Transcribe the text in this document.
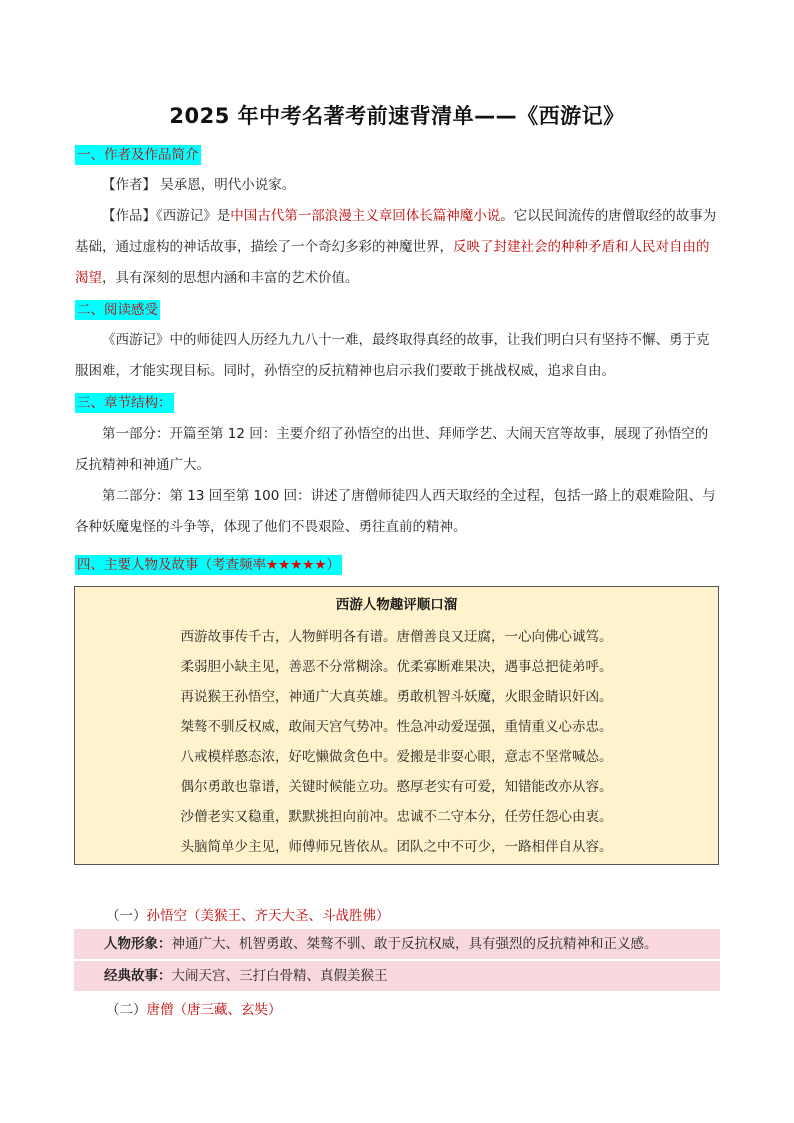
2025 年中考名著考前速背清单——《西游记》
一、作者及作品简介
【作者】 吴承恩，明代小说家。
【作品】《西游记》是中国古代第一部浪漫主义章回体长篇神魔小说。它以民间流传的唐僧取经的故事为基础，通过虚构的神话故事，描绘了一个奇幻多彩的神魔世界，反映了封建社会的种种矛盾和人民对自由的渴望，具有深刻的思想内涵和丰富的艺术价值。
二、阅读感受
《西游记》中的师徒四人历经九九八十一难，最终取得真经的故事，让我们明白只有坚持不懈、勇于克服困难，才能实现目标。同时，孙悟空的反抗精神也启示我们要敢于挑战权威，追求自由。
三、章节结构：
第一部分：开篇至第 12 回：主要介绍了孙悟空的出世、拜师学艺、大闹天宫等故事，展现了孙悟空的反抗精神和神通广大。
第二部分：第 13 回至第 100 回：讲述了唐僧师徒四人西天取经的全过程，包括一路上的艰难险阻、与各种妖魔鬼怪的斗争等，体现了他们不畏艰险、勇往直前的精神。
四、主要人物及故事（考查频率★★★★★）
西游人物趣评顺口溜
西游故事传千古，人物鲜明各有谱。唐僧善良又迂腐，一心向佛心诚笃。
柔弱胆小缺主见，善恶不分常糊涂。优柔寡断难果决，遇事总把徒弟呼。
再说猴王孙悟空，神通广大真英雄。勇敢机智斗妖魔，火眼金睛识奸凶。
桀骜不驯反权威，敢闹天宫气势冲。性急冲动爱逞强，重情重义心赤忠。
八戒模样憨态浓，好吃懒做贪色中。爱搬是非耍心眼，意志不坚常喊怂。
偶尔勇敢也靠谱，关键时候能立功。憨厚老实有可爱，知错能改亦从容。
沙僧老实又稳重，默默挑担向前冲。忠诚不二守本分，任劳任怨心由衷。
头脑简单少主见，师傅师兄皆依从。团队之中不可少，一路相伴自从容。
（一）孙悟空（美猴王、齐天大圣、斗战胜佛）
人物形象：神通广大、机智勇敢、桀骜不驯、敢于反抗权威，具有强烈的反抗精神和正义感。
经典故事：大闹天宫、三打白骨精、真假美猴王
（二）唐僧（唐三藏、玄奘）
